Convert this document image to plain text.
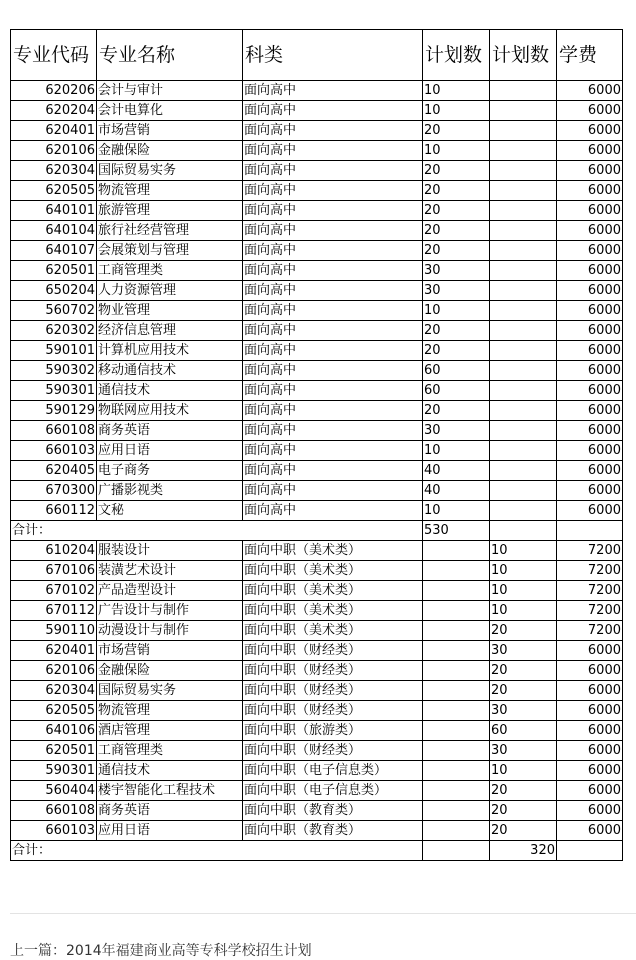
专业代码	专业名称	科类	计划数	计划数	学费
620206	会计与审计	面向高中	10		6000
620204	会计电算化	面向高中	10		6000
620401	市场营销	面向高中	20		6000
620106	金融保险	面向高中	10		6000
620304	国际贸易实务	面向高中	20		6000
620505	物流管理	面向高中	20		6000
640101	旅游管理	面向高中	20		6000
640104	旅行社经营管理	面向高中	20		6000
640107	会展策划与管理	面向高中	20		6000
620501	工商管理类	面向高中	30		6000
650204	人力资源管理	面向高中	30		6000
560702	物业管理	面向高中	10		6000
620302	经济信息管理	面向高中	20		6000
590101	计算机应用技术	面向高中	20		6000
590302	移动通信技术	面向高中	60		6000
590301	通信技术	面向高中	60		6000
590129	物联网应用技术	面向高中	20		6000
660108	商务英语	面向高中	30		6000
660103	应用日语	面向高中	10		6000
620405	电子商务	面向高中	40		6000
670300	广播影视类	面向高中	40		6000
660112	文秘	面向高中	10		6000
合计：			530		
610204	服装设计	面向中职（美术类）		10	7200
670106	装潢艺术设计	面向中职（美术类）		10	7200
670102	产品造型设计	面向中职（美术类）		10	7200
670112	广告设计与制作	面向中职（美术类）		10	7200
590110	动漫设计与制作	面向中职（美术类）		20	7200
620401	市场营销	面向中职（财经类）		30	6000
620106	金融保险	面向中职（财经类）		20	6000
620304	国际贸易实务	面向中职（财经类）		20	6000
620505	物流管理	面向中职（财经类）		30	6000
640106	酒店管理	面向中职（旅游类）		60	6000
620501	工商管理类	面向中职（财经类）		30	6000
590301	通信技术	面向中职（电子信息类）		10	6000
560404	楼宇智能化工程技术	面向中职（电子信息类）		20	6000
660108	商务英语	面向中职（教育类）		20	6000
660103	应用日语	面向中职（教育类）		20	6000
合计：				320	
上一篇：2014年福建商业高等专科学校招生计划
